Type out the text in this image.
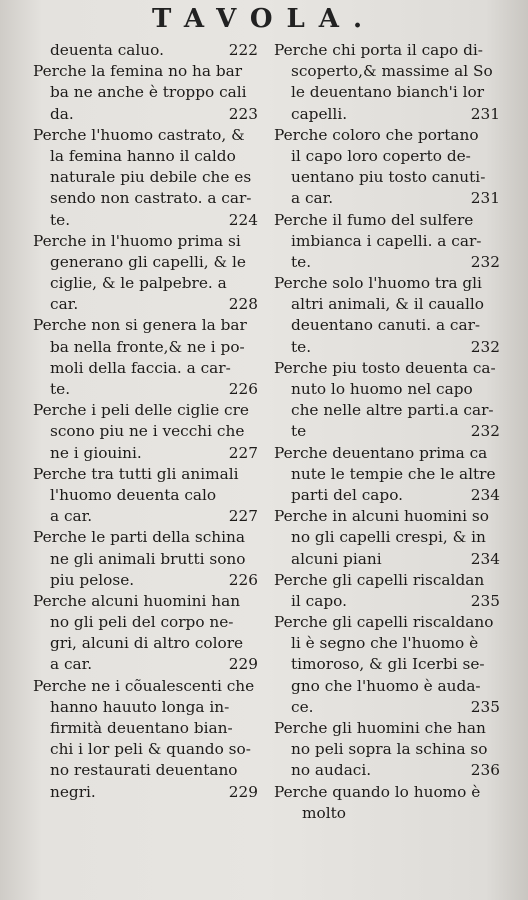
TAVOLA.
deuenta caluo.	222
Perche la femina no ha bar
ba ne anche è troppo cali
da.	223
Perche l'huomo castrato, &
la femina hanno il caldo
naturale piu debile che es
sendo non castrato. a car-
te.	224
Perche in l'huomo prima si
generano gli capelli, & le
ciglie, & le palpebre. a
car.	228
Perche non si genera la bar
ba nella fronte,& ne i po-
moli della faccia. a car-
te.	226
Perche i peli delle ciglie cre
scono piu ne i vecchi che
ne i giouini.	227
Perche tra tutti gli animali
l'huomo deuenta calo
a car.	227
Perche le parti della schina
ne gli animali brutti sono
piu pelose.	226
Perche alcuni huomini han
no gli peli del corpo ne-
gri, alcuni di altro colore
a car.	229
Perche ne i cõualescenti che
hanno hauuto longa in-
firmità deuentano bian-
chi i lor peli & quando so-
no restaurati deuentano
negri.	229
Perche chi porta il capo di-
scoperto,& massime al So
le deuentano bianch'i lor
capelli.	231
Perche coloro che portano
il capo loro coperto de-
uentano piu tosto canuti-
a car.	231
Perche il fumo del sulfere
imbianca i capelli. a car-
te.	232
Perche solo l'huomo tra gli
altri animali, & il cauallo
deuentano canuti. a car-
te.	232
Perche piu tosto deuenta ca-
nuto lo huomo nel capo
che nelle altre parti.a car-
te	232
Perche deuentano prima ca
nute le tempie che le altre
parti del capo.	234
Perche in alcuni huomini so
no gli capelli crespi, & in
alcuni piani	234
Perche gli capelli riscaldan
il capo.	235
Perche gli capelli riscaldano
li è segno che l'huomo è
timoroso, & gli Icerbi se-
gno che l'huomo è auda-
ce.	235
Perche gli huomini che han
no peli sopra la schina so
no audaci.	236
Perche quando lo huomo è
molto
